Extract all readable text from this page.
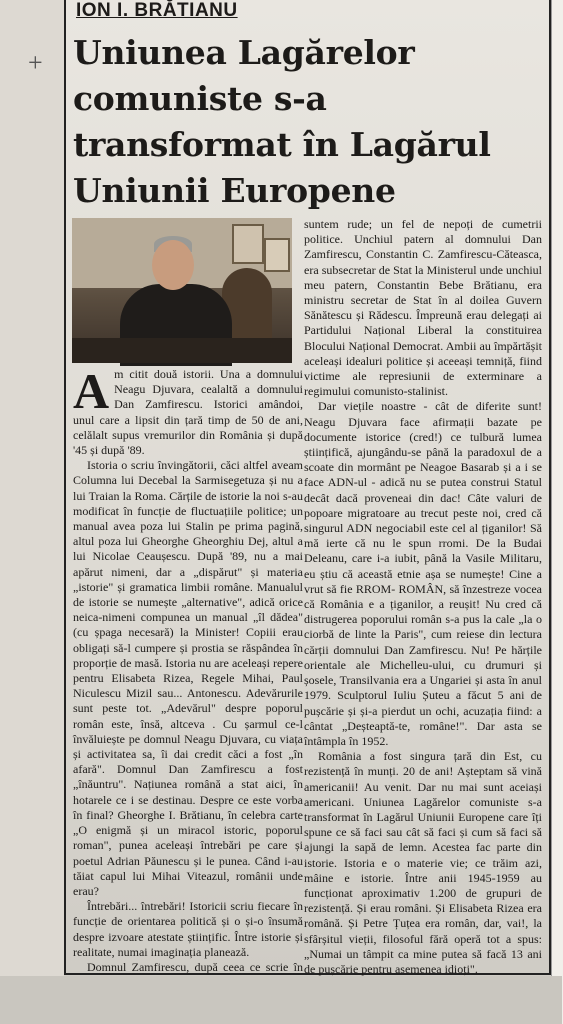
+
ION I. BRĂTIANU
Uniunea Lagărelor comuniste s-a transformat în Lagărul Uniunii Europene

Am citit două istorii. Una a domnului Neagu Djuvara, cealaltă a domnului Dan Zamfirescu. Istorici amândoi, unul care a lipsit din țară timp de 50 de ani, celălalt supus vremurilor din România și după '45 și după '89.

Istoria o scriu învingătorii, căci altfel aveam Columna lui Decebal la Sarmisegetuza și nu a lui Traian la Roma. Cărțile de istorie la noi s-au modificat în funcție de fluctuațiile politice; un manual avea poza lui Stalin pe prima pagină, altul poza lui Gheorghe Gheorghiu Dej, altul a lui Nicolae Ceaușescu. După '89, nu a mai apărut nimeni, dar a „dispărut" și materia „istorie" și gramatica limbii române. Manualul de istorie se numește „alternative", adică orice neica-nimeni compunea un manual „îl dădea" (cu șpaga necesară) la Minister! Copiii erau obligați să-l cumpere și prostia se răspândea în proporție de masă. Istoria nu are aceleași repere pentru Elisabeta Rizea, Regele Mihai, Paul Niculescu Mizil sau... Antonescu. Adevărurile sunt peste tot. „Adevărul" despre poporul român este, însă, altceva . Cu șarmul ce-l învăluiește pe domnul Neagu Djuvara, cu viața și activitatea sa, îi dai credit căci a fost „în afară". Domnul Dan Zamfirescu a fost „înăuntru". Națiunea română a stat aici, în hotarele ce i se destinau. Despre ce este vorba în final? Gheorghe I. Brătianu, în celebra carte „O enigmă și un miracol istoric, poporul roman", punea aceleași întrebări pe care și poetul Adrian Păunescu și le punea. Când i-au tăiat capul lui Mihai Viteazul, românii unde erau?

Întrebări... întrebări! Istoricii scriu fiecare în funcție de orientarea politică și o și-o însumă despre izvoare atestate științific. Între istorie și realitate, numai imaginația planează.

Domnul Zamfirescu, după ceea ce scrie în

suntem rude; un fel de nepoți de cumetrii politice. Unchiul patern al domnului Dan Zamfirescu, Constantin C. Zamfirescu-Căteasca, era subsecretar de Stat la Ministerul unde unchiul meu patern, Constantin Bebe Brătianu, era ministru secretar de Stat în al doilea Guvern Sănătescu și Rădescu. Împreună erau delegați ai Partidului Național Liberal la constituirea Blocului Național Democrat. Ambii au împărtășit aceleași idealuri politice și aceeași temniță, fiind victime ale represiunii de exterminare a regimului comunisto-stalinist.

Dar viețile noastre - cât de diferite sunt! Neagu Djuvara face afirmații bazate pe documente istorice (cred!) ce tulbură lumea științifică, ajungându-se până la paradoxul de a scoate din mormânt pe Neagoe Basarab și a i se face ADN-ul - adică nu se putea construi Statul decât dacă proveneai din dac! Câte valuri de popoare migratoare au trecut peste noi, cred că singurul ADN negociabil este cel al țiganilor! Să mă ierte că nu le spun rromi. De la Budai Deleanu, care i-a iubit, până la Vasile Militaru, eu știu că această etnie așa se numește! Cine a vrut să fie RROM- ROMÂN, să înzestreze vocea că România e a țiganilor, a reușit! Nu cred că distrugerea poporului român s-a pus la cale „la o ciorbă de linte la Paris", cum reiese din lectura cărții domnului Dan Zamfirescu. Nu! Pe hărțile orientale ale Michelleu-ului, cu drumuri și șosele, Transilvania era a Ungariei și asta în anul 1979. Sculptorul Iuliu Șuteu a făcut 5 ani de pușcărie și și-a pierdut un ochi, acuzația fiind: a cântat „Deșteaptă-te, române!". Dar asta se întâmpla în 1952.

România a fost singura țară din Est, cu rezistență în munți. 20 de ani! Așteptam să vină americanii! Au venit. Dar nu mai sunt aceiași americani. Uniunea Lagărelor comuniste s-a transformat în Lagărul Uniunii Europene care îți spune ce să faci sau cât să faci și cum să faci să ajungi la sapă de lemn. Acestea fac parte din istorie. Istoria e o materie vie; ce trăim azi, mâine e istorie. Între anii 1945-1959 au funcționat aproximativ 1.200 de grupuri de rezistență. Și erau români. Și Elisabeta Rizea era română. Și Petre Țuțea era român, dar, vai!, la sfârșitul vieții, filosoful fără operă tot a spus: „Numai un tâmpit ca mine putea să facă 13 ani de pușcărie pentru asemenea idioți".
